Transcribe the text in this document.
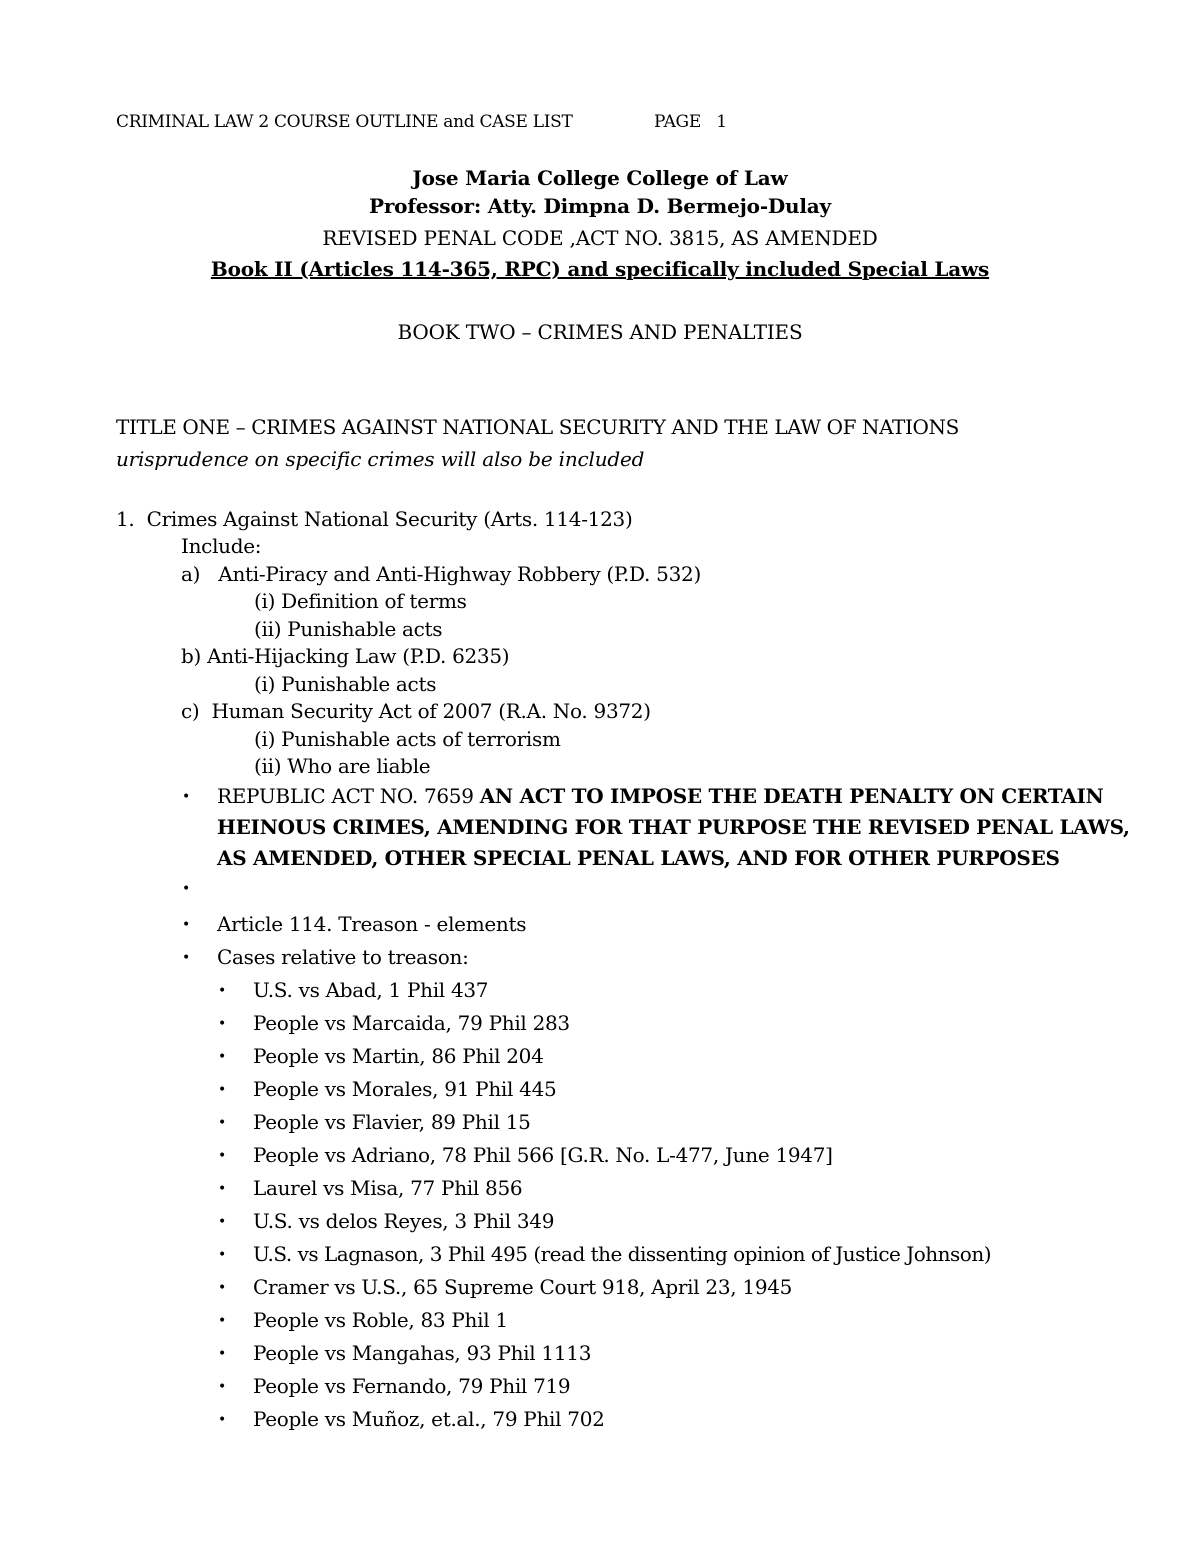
CRIMINAL LAW 2 COURSE OUTLINE and CASE LIST	PAGE   1
Jose Maria College College of Law
Professor: Atty. Dimpna D. Bermejo-Dulay
REVISED PENAL CODE ,ACT NO. 3815, AS AMENDED
Book II (Articles 114-365, RPC) and specifically included Special Laws
BOOK TWO – CRIMES AND PENALTIES
TITLE ONE – CRIMES AGAINST NATIONAL SECURITY AND THE LAW OF NATIONS
urisprudence on specific crimes will also be included
1.  Crimes Against National Security (Arts. 114-123)
Include:
a)   Anti-Piracy and Anti-Highway Robbery (P.D. 532)
(i) Definition of terms
(ii) Punishable acts
b) Anti-Hijacking Law (P.D. 6235)
(i) Punishable acts
c)  Human Security Act of 2007 (R.A. No. 9372)
(i) Punishable acts of terrorism
(ii) Who are liable
• REPUBLIC ACT NO. 7659 AN ACT TO IMPOSE THE DEATH PENALTY ON CERTAIN
HEINOUS CRIMES, AMENDING FOR THAT PURPOSE THE REVISED PENAL LAWS,
AS AMENDED, OTHER SPECIAL PENAL LAWS, AND FOR OTHER PURPOSES
•
• Article 114. Treason - elements
• Cases relative to treason:
• U.S. vs Abad, 1 Phil 437
• People vs Marcaida, 79 Phil 283
• People vs Martin, 86 Phil 204
• People vs Morales, 91 Phil 445
• People vs Flavier, 89 Phil 15
• People vs Adriano, 78 Phil 566 [G.R. No. L-477, June 1947]
• Laurel vs Misa, 77 Phil 856
• U.S. vs delos Reyes, 3 Phil 349
• U.S. vs Lagnason, 3 Phil 495 (read the dissenting opinion of Justice Johnson)
• Cramer vs U.S., 65 Supreme Court 918, April 23, 1945
• People vs Roble, 83 Phil 1
• People vs Mangahas, 93 Phil 1113
• People vs Fernando, 79 Phil 719
• People vs Muñoz, et.al., 79 Phil 702
